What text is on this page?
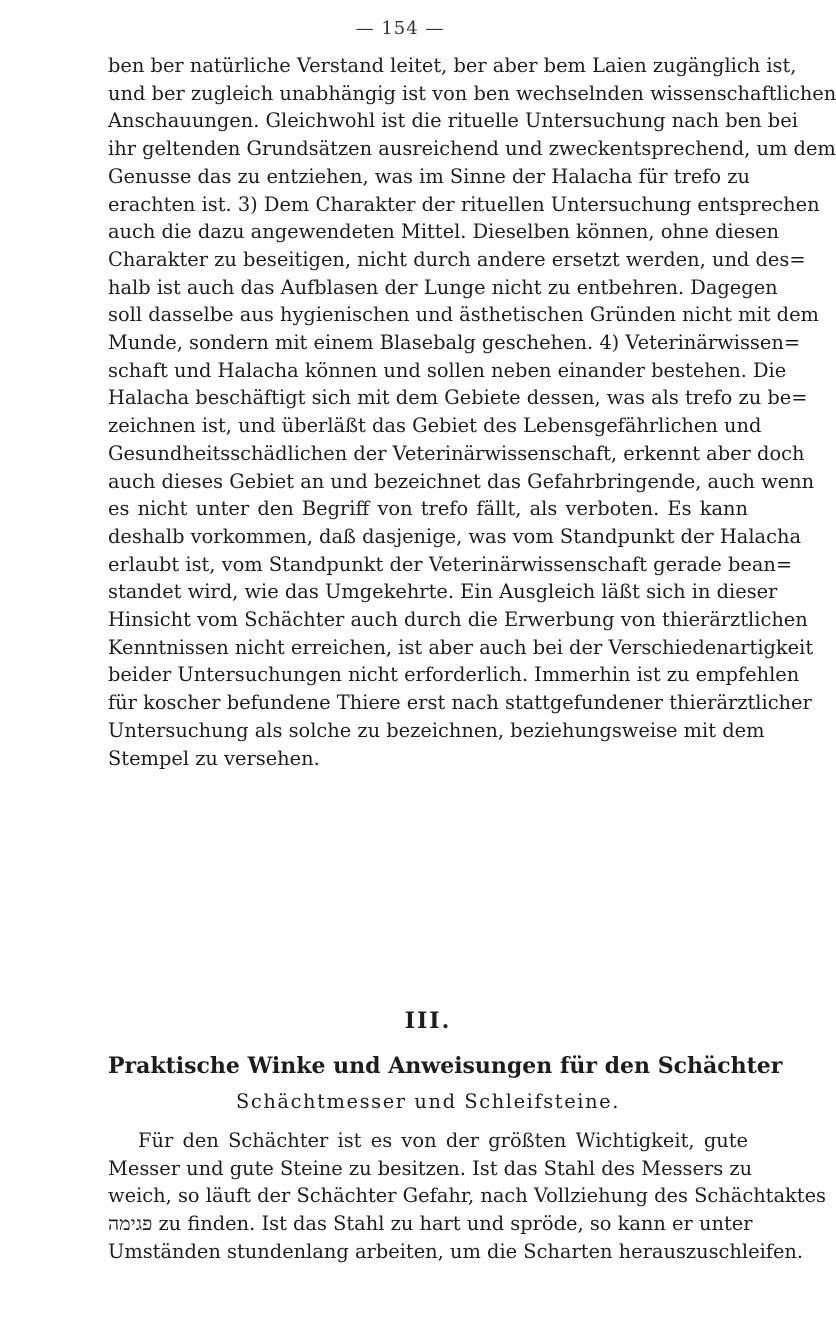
— 154 —
ben ber natürliche Verstand leitet, ber aber bem Laien zugänglich ist,
und ber zugleich unabhängig ist von ben wechselnden wissenschaftlichen
Anschauungen. Gleichwohl ist die rituelle Untersuchung nach ben bei
ihr geltenden Grundsätzen ausreichend und zweckentsprechend, um dem
Genusse das zu entziehen, was im Sinne der Halacha für trefo zu
erachten ist. 3) Dem Charakter der rituellen Untersuchung entsprechen
auch die dazu angewendeten Mittel. Dieselben können, ohne diesen
Charakter zu beseitigen, nicht durch andere ersetzt werden, und des=
halb ist auch das Aufblasen der Lunge nicht zu entbehren. Dagegen
soll dasselbe aus hygienischen und ästhetischen Gründen nicht mit dem
Munde, sondern mit einem Blasebalg geschehen. 4) Veterinärwissen=
schaft und Halacha können und sollen neben einander bestehen. Die
Halacha beschäftigt sich mit dem Gebiete dessen, was als trefo zu be=
zeichnen ist, und überläßt das Gebiet des Lebensgefährlichen und
Gesundheitsschädlichen der Veterinärwissenschaft, erkennt aber doch
auch dieses Gebiet an und bezeichnet das Gefahrbringende, auch wenn
es nicht unter den Begriff von trefo fällt, als verboten. Es kann
deshalb vorkommen, daß dasjenige, was vom Standpunkt der Halacha
erlaubt ist, vom Standpunkt der Veterinärwissenschaft gerade bean=
standet wird, wie das Umgekehrte. Ein Ausgleich läßt sich in dieser
Hinsicht vom Schächter auch durch die Erwerbung von thierärztlichen
Kenntnissen nicht erreichen, ist aber auch bei der Verschiedenartigkeit
beider Untersuchungen nicht erforderlich. Immerhin ist zu empfehlen
für koscher befundene Thiere erst nach stattgefundener thierärztlicher
Untersuchung als solche zu bezeichnen, beziehungsweise mit dem
Stempel zu versehen.
III.
Praktische Winke und Anweisungen für den Schächter
Schächtmesser und Schleifsteine.
Für den Schächter ist es von der größten Wichtigkeit, gute
Messer und gute Steine zu besitzen. Ist das Stahl des Messers zu
weich, so läuft der Schächter Gefahr, nach Vollziehung des Schächtaktes
פגימה zu finden. Ist das Stahl zu hart und spröde, so kann er unter
Umständen stundenlang arbeiten, um die Scharten herauszuschleifen.
